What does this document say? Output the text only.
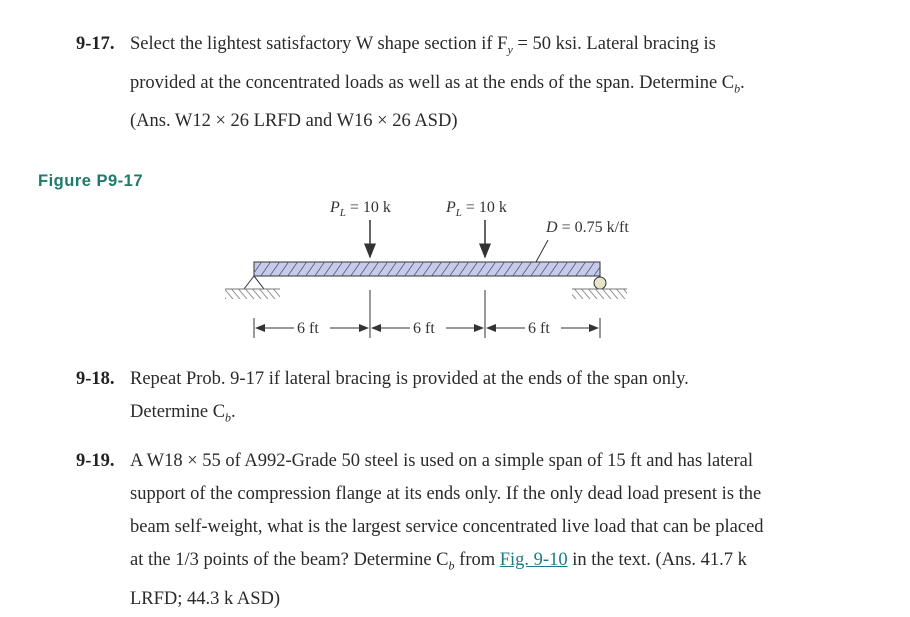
9-17. Select the lightest satisfactory W shape section if $F_y = 50$ ksi. Lateral bracing is
provided at the concentrated loads as well as at the ends of the span. Determine $C_b$.
(Ans. W12 × 26 LRFD and W16 × 26 ASD)
Figure P9-17
$P_L = 10$ k	$P_L = 10$ k
D = 0.75 k/ft
6 ft	6 ft	6 ft
9-18. Repeat Prob. 9-17 if lateral bracing is provided at the ends of the span only.
Determine $C_b$.
9-19. A W18 × 55 of A992-Grade 50 steel is used on a simple span of 15 ft and has lateral
support of the compression flange at its ends only. If the only dead load present is the
beam self-weight, what is the largest service concentrated live load that can be placed
at the 1/3 points of the beam? Determine $C_b$ from Fig. 9-10 in the text. (Ans. 41.7 k
LRFD; 44.3 k ASD)
